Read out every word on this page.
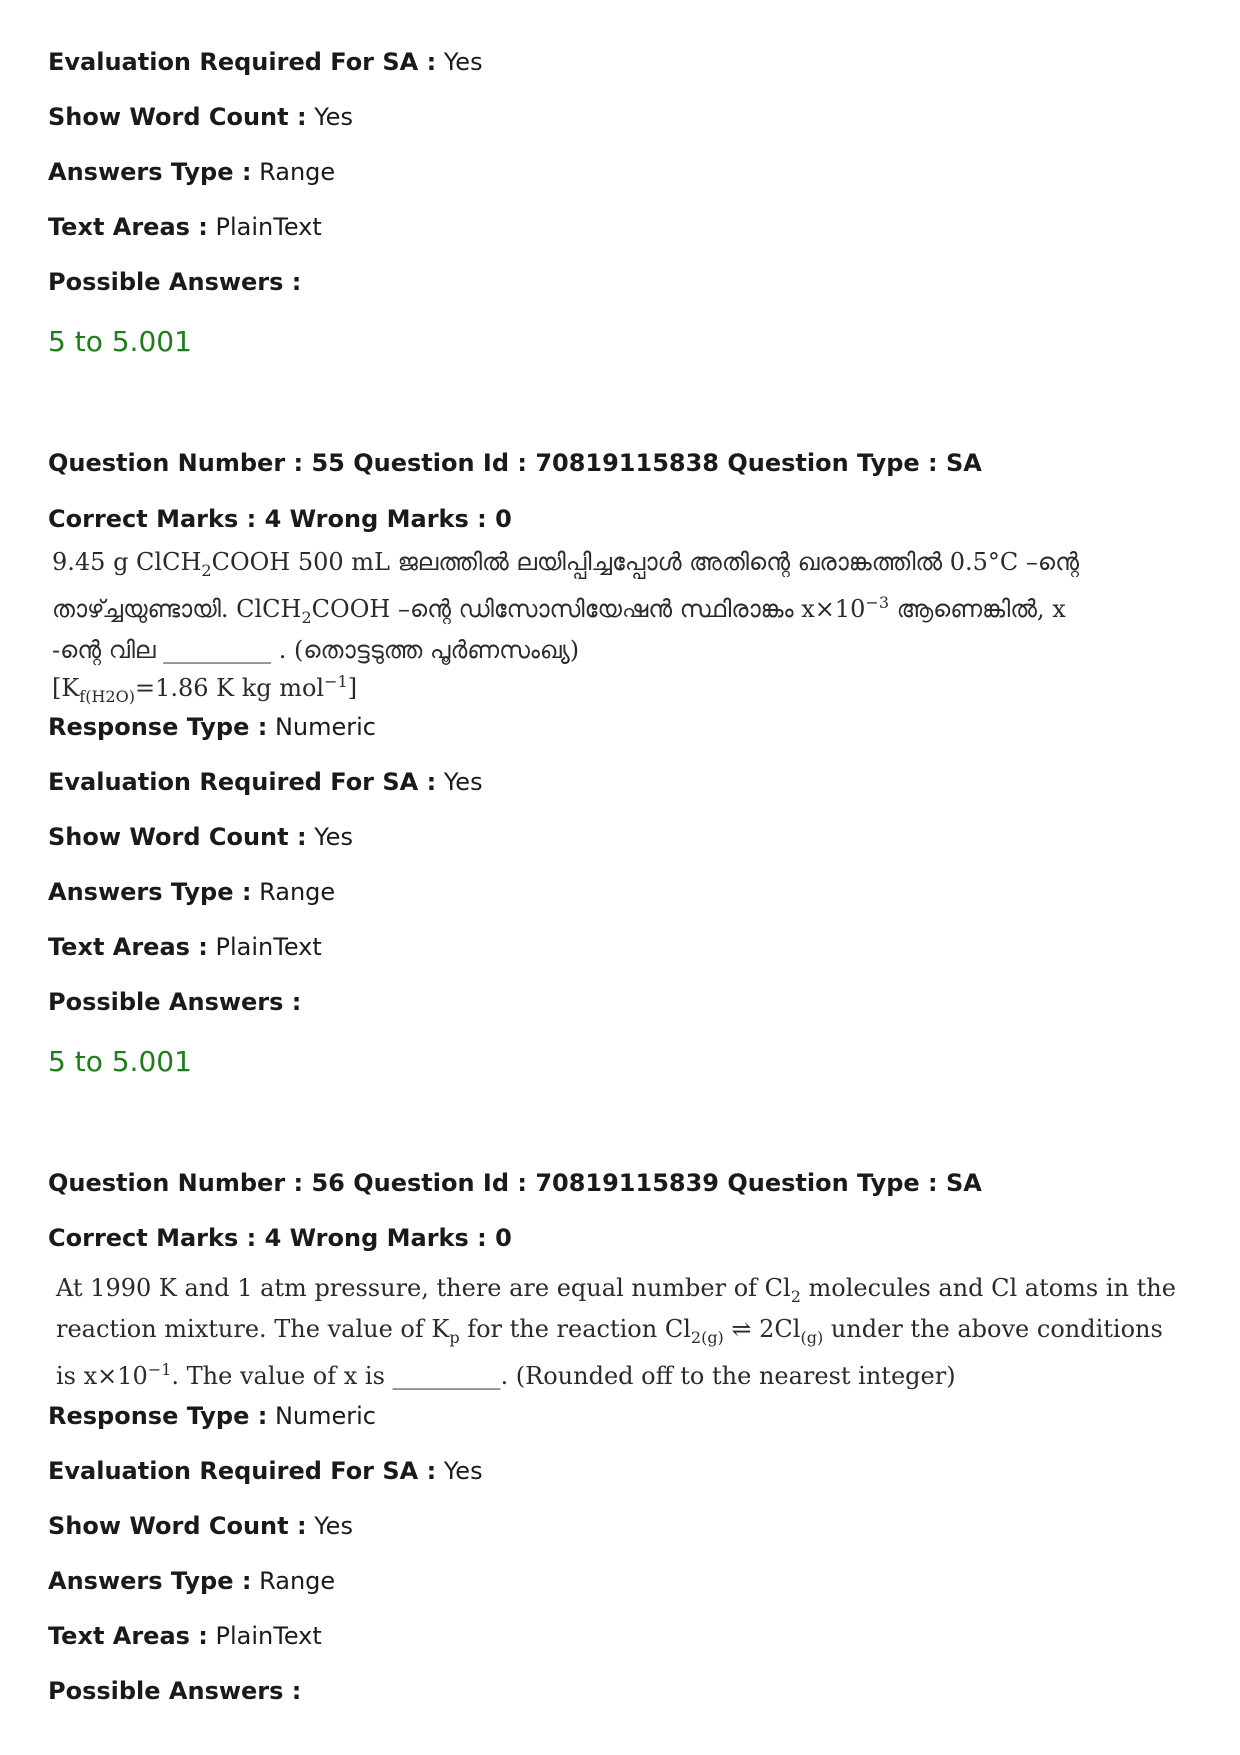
Evaluation Required For SA : Yes
Show Word Count : Yes
Answers Type : Range
Text Areas : PlainText
Possible Answers :
5 to 5.001
Question Number : 55 Question Id : 70819115838 Question Type : SA
Correct Marks : 4 Wrong Marks : 0
9.45 g ClCH$_2$COOH 500 mL ജലത്തിൽ ലയിപ്പിച്ചപ്പോൾ അതിന്റെ ഖരാങ്കത്തിൽ 0.5°C –ന്റെ
താഴ്ച്ചയുണ്ടായി. ClCH$_2$COOH –ന്റെ ഡിസോസിയേഷൻ സ്ഥിരാങ്കം $x\times 10^{-3}$ ആണെങ്കിൽ, x
-ന്റെ വില _________ . (തൊട്ടടുത്ത പൂർണസംഖ്യ)
[$K_{f(H2O)}=1.86$ K kg mol$^{-1}$]
Response Type : Numeric
Evaluation Required For SA : Yes
Show Word Count : Yes
Answers Type : Range
Text Areas : PlainText
Possible Answers :
5 to 5.001
Question Number : 56 Question Id : 70819115839 Question Type : SA
Correct Marks : 4 Wrong Marks : 0
At 1990 K and 1 atm pressure, there are equal number of $Cl_2$ molecules and Cl atoms in the
reaction mixture. The value of $K_p$ for the reaction $Cl_{2(g)}$ ⇌ $2Cl_{(g)}$ under the above conditions
is $x\times 10^{-1}$. The value of x is _________. (Rounded off to the nearest integer)
Response Type : Numeric
Evaluation Required For SA : Yes
Show Word Count : Yes
Answers Type : Range
Text Areas : PlainText
Possible Answers :
